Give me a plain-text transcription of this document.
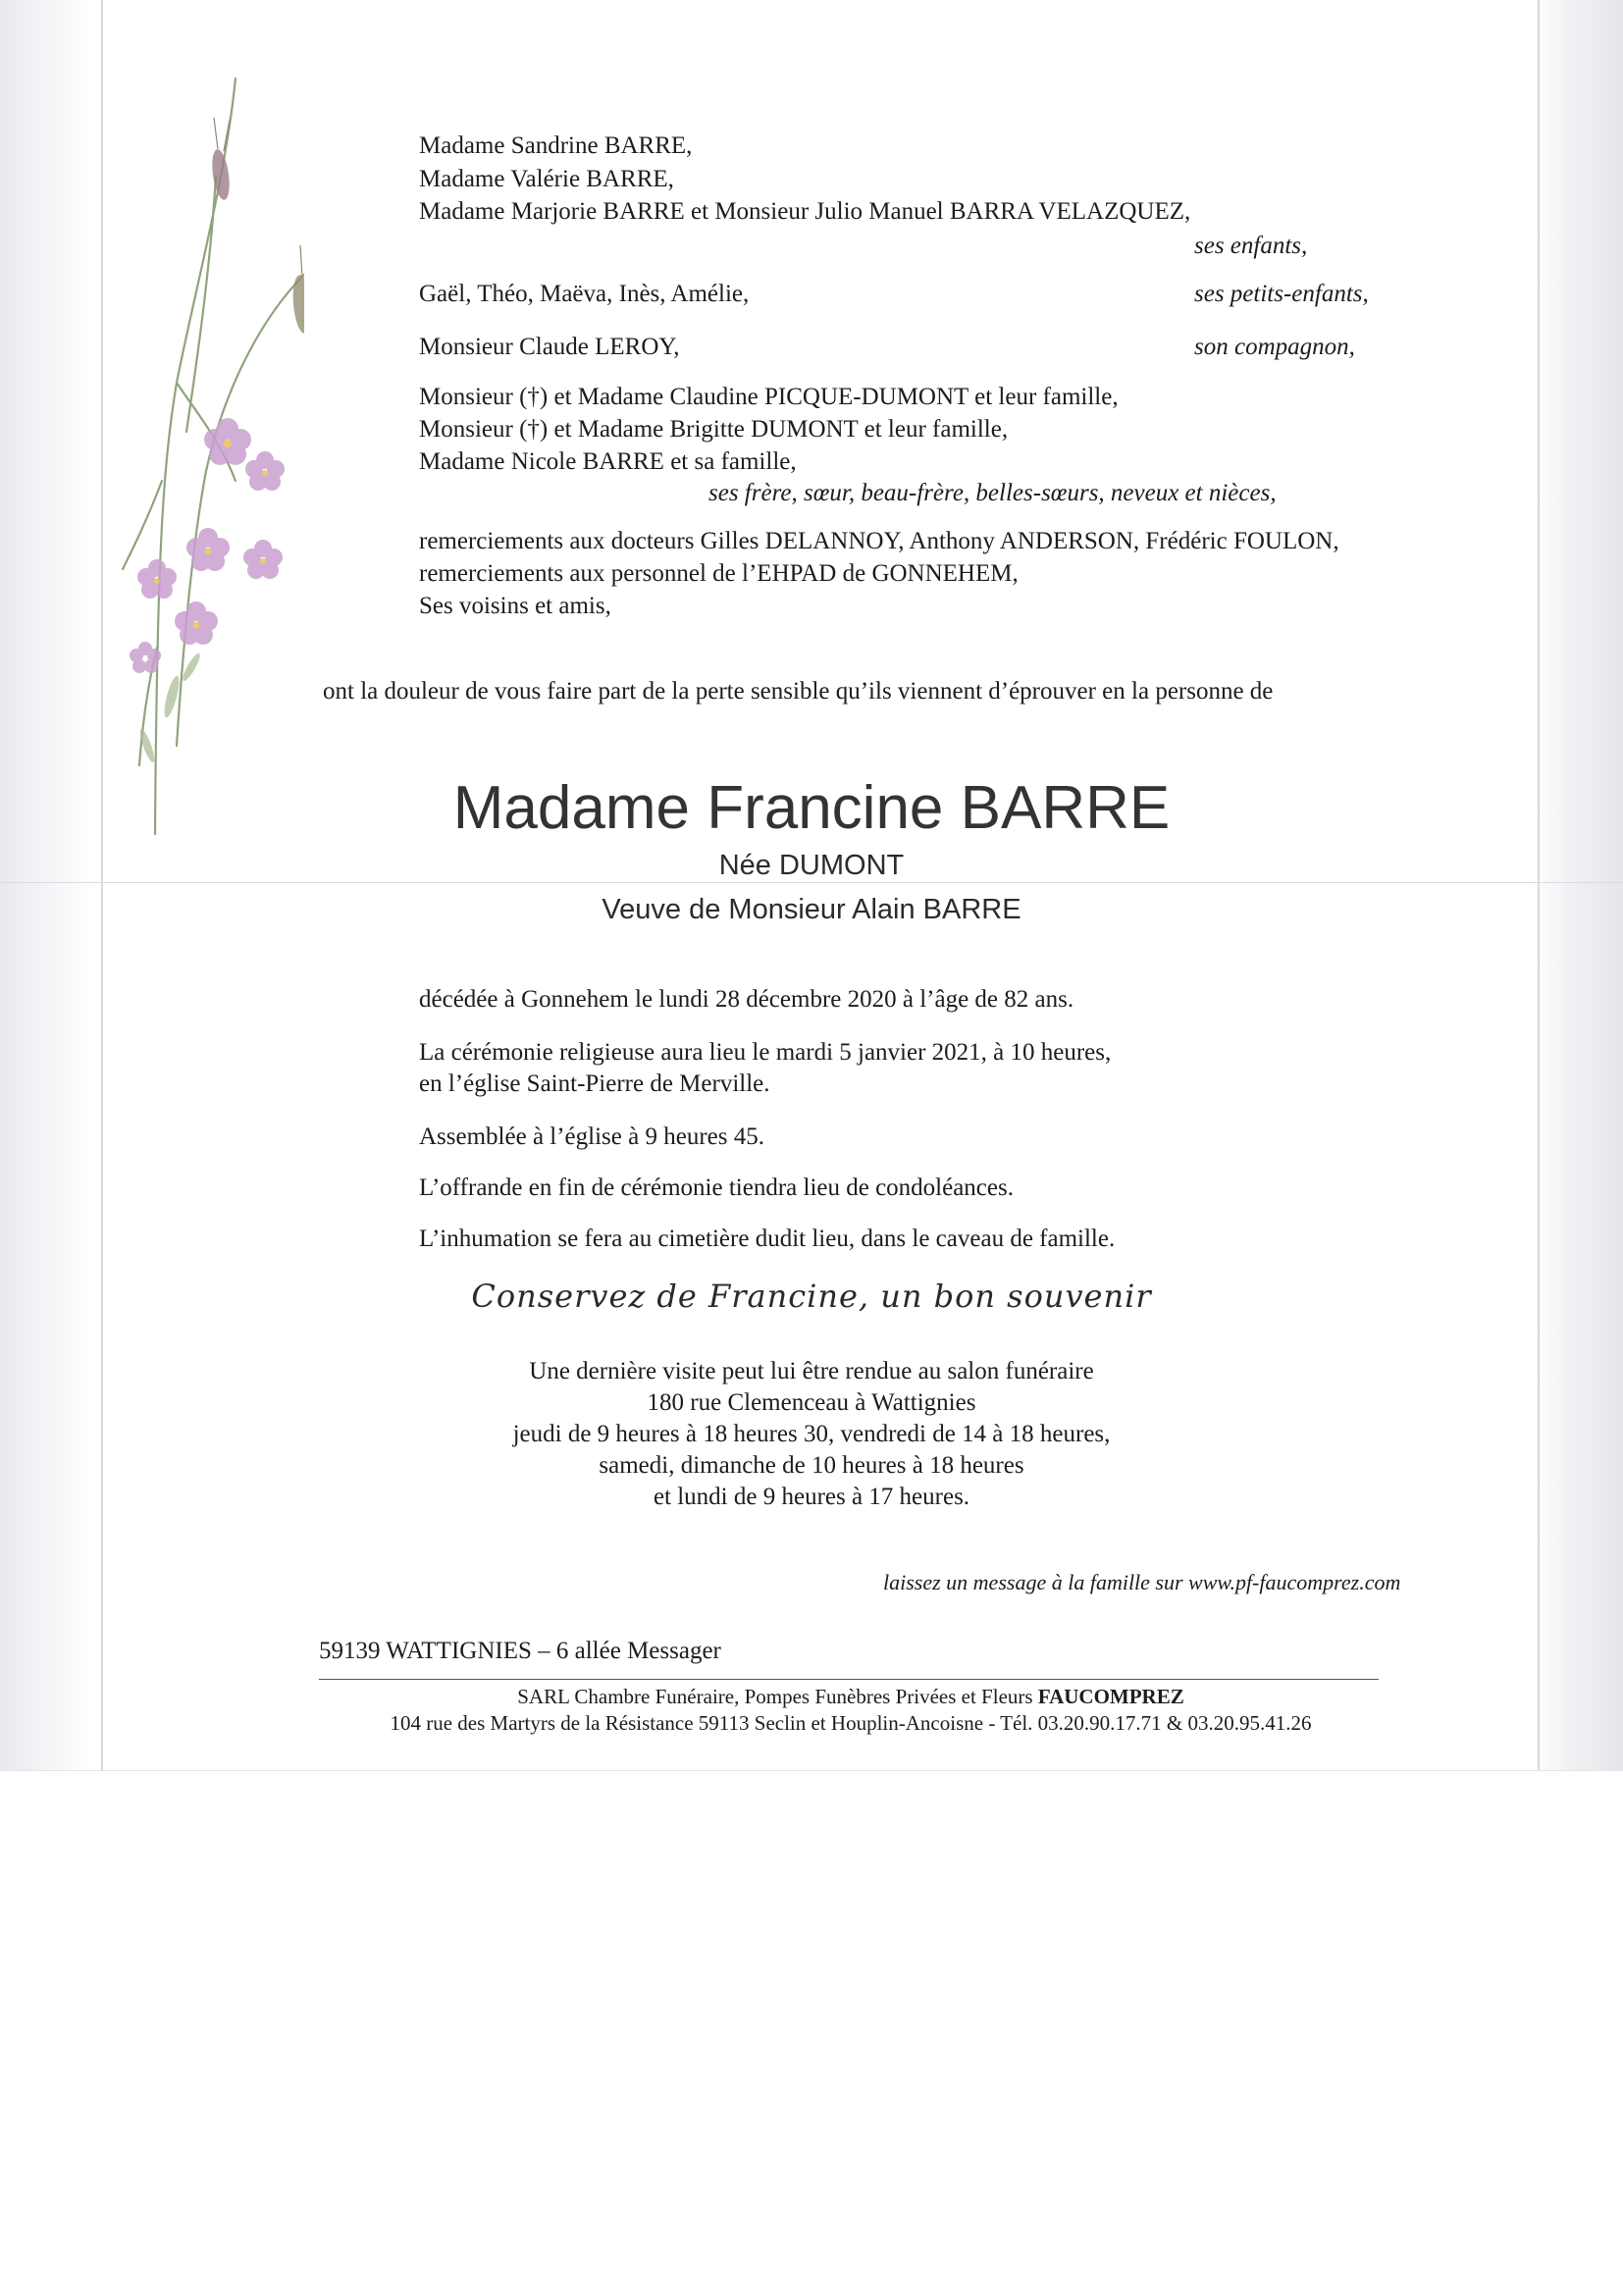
Madame Sandrine BARRE,
Madame Valérie BARRE,
Madame Marjorie BARRE et Monsieur Julio Manuel BARRA VELAZQUEZ,
ses enfants,
Gaël, Théo, Maëva, Inès, Amélie,	ses petits-enfants,
Monsieur Claude LEROY,	son compagnon,
Monsieur (†) et Madame Claudine PICQUE-DUMONT et leur famille,
Monsieur (†) et Madame Brigitte DUMONT et leur famille,
Madame Nicole BARRE et sa famille,
ses frère, sœur, beau-frère, belles-sœurs, neveux et nièces,
remerciements aux docteurs Gilles DELANNOY, Anthony ANDERSON, Frédéric FOULON,
remerciements aux personnel de l’EHPAD de GONNEHEM,
Ses voisins et amis,
ont la douleur de vous faire part de la perte sensible qu’ils viennent d’éprouver en la personne de
Madame Francine BARRE
Née DUMONT
Veuve de Monsieur Alain BARRE
décédée à Gonnehem le lundi 28 décembre 2020 à l’âge de 82 ans.
La cérémonie religieuse aura lieu le mardi 5 janvier 2021, à 10 heures,
en l’église Saint-Pierre de Merville.
Assemblée à l’église à 9 heures 45.
L’offrande en fin de cérémonie tiendra lieu de condoléances.
L’inhumation se fera au cimetière dudit lieu, dans le caveau de famille.
Conservez de Francine, un bon souvenir
Une dernière visite peut lui être rendue au salon funéraire
180 rue Clemenceau à Wattignies
jeudi de 9 heures à 18 heures 30, vendredi de 14 à 18 heures,
samedi, dimanche de 10 heures à 18 heures
et lundi de 9 heures à 17 heures.
laissez un message à la famille sur www.pf-faucomprez.com
59139 WATTIGNIES – 6 allée Messager
SARL Chambre Funéraire, Pompes Funèbres Privées et Fleurs FAUCOMPREZ
104 rue des Martyrs de la Résistance 59113 Seclin et Houplin-Ancoisne - Tél. 03.20.90.17.71 & 03.20.95.41.26
